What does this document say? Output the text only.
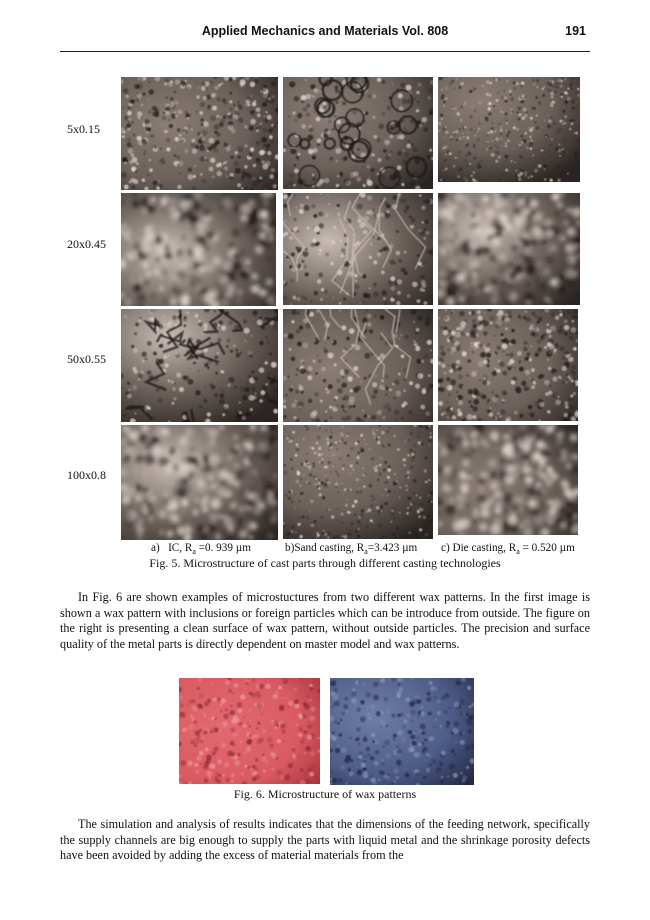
Applied Mechanics and Materials Vol. 808	191
5x0.15
20x0.45
50x0.55
100x0.8
a)   IC, $R_a =0$. 939 µm	b)Sand casting, $R_a=3.423$ µm c) Die casting, $R_a = 0.520$ µm
Fig. 5. Microstructure of cast parts through different casting technologies

In Fig. 6 are shown examples of microstuctures from two different wax patterns. In the first image is shown a wax pattern with inclusions or foreign particles which can be introduce from outside. The figure on the right is presenting a clean surface of wax pattern, without outside particles. The precision and surface quality of the metal parts is directly dependent on master model and wax patterns.

Fig. 6. Microstructure of wax patterns

The simulation and analysis of results indicates that the dimensions of the feeding network, specifically the supply channels are big enough to supply the parts with liquid metal and the shrinkage porosity defects have been avoided by adding the excess of material materials from the
